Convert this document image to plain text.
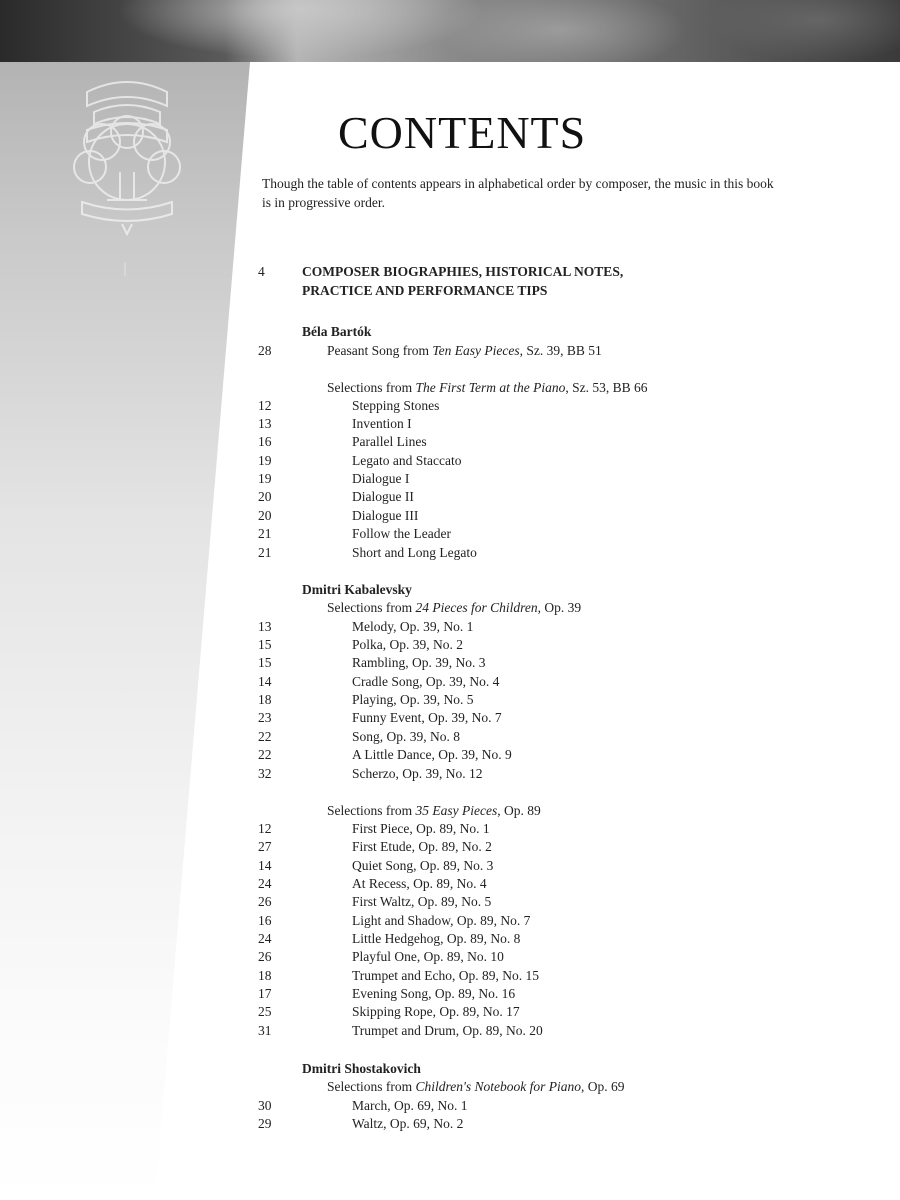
CONTENTS
Though the table of contents appears in alphabetical order by composer, the music in this book is in progressive order.
4	COMPOSER BIOGRAPHIES, HISTORICAL NOTES,
PRACTICE AND PERFORMANCE TIPS
Béla Bartók
28	Peasant Song from Ten Easy Pieces, Sz. 39, BB 51
Selections from The First Term at the Piano, Sz. 53, BB 66
12	Stepping Stones
13	Invention I
16	Parallel Lines
19	Legato and Staccato
19	Dialogue I
20	Dialogue II
20	Dialogue III
21	Follow the Leader
21	Short and Long Legato
Dmitri Kabalevsky
Selections from 24 Pieces for Children, Op. 39
13	Melody, Op. 39, No. 1
15	Polka, Op. 39, No. 2
15	Rambling, Op. 39, No. 3
14	Cradle Song, Op. 39, No. 4
18	Playing, Op. 39, No. 5
23	Funny Event, Op. 39, No. 7
22	Song, Op. 39, No. 8
22	A Little Dance, Op. 39, No. 9
32	Scherzo, Op. 39, No. 12
Selections from 35 Easy Pieces, Op. 89
12	First Piece, Op. 89, No. 1
27	First Etude, Op. 89, No. 2
14	Quiet Song, Op. 89, No. 3
24	At Recess, Op. 89, No. 4
26	First Waltz, Op. 89, No. 5
16	Light and Shadow, Op. 89, No. 7
24	Little Hedgehog, Op. 89, No. 8
26	Playful One, Op. 89, No. 10
18	Trumpet and Echo, Op. 89, No. 15
17	Evening Song, Op. 89, No. 16
25	Skipping Rope, Op. 89, No. 17
31	Trumpet and Drum, Op. 89, No. 20
Dmitri Shostakovich
Selections from Children's Notebook for Piano, Op. 69
30	March, Op. 69, No. 1
29	Waltz, Op. 69, No. 2
